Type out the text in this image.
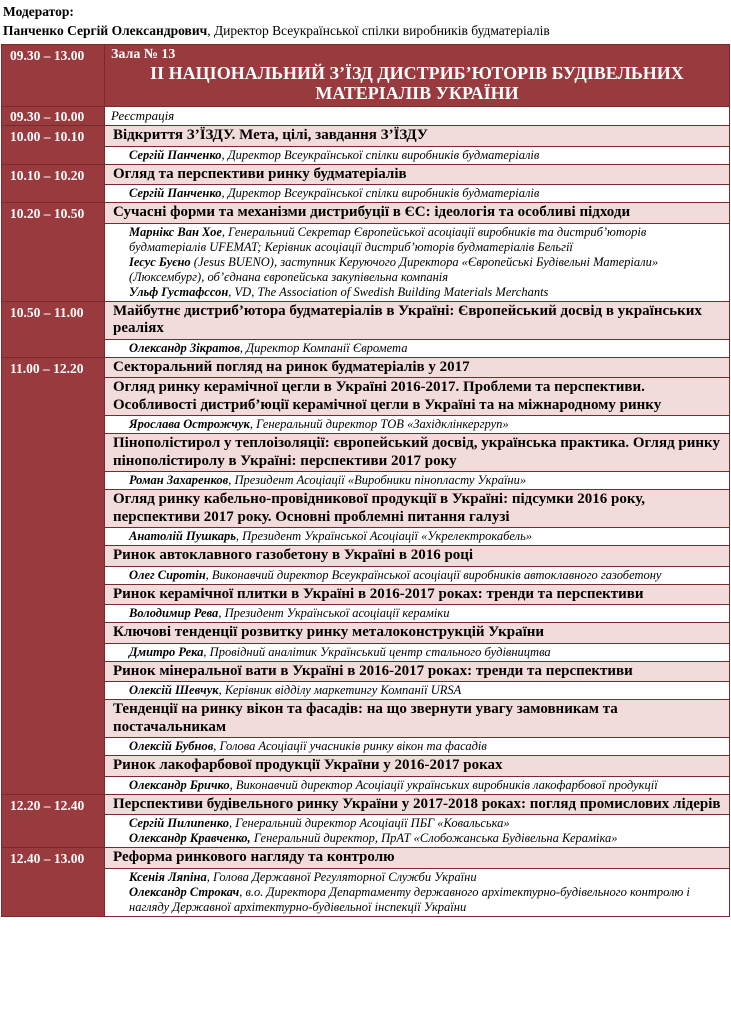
Модератор:
Панченко Сергій Олександрович, Директор Всеукраїнської спілки виробників будматеріалів
09.30 – 13.00	Зала № 13
ІІ НАЦІОНАЛЬНИЙ З’ЇЗД ДИСТРИБ’ЮТОРІВ БУДІВЕЛЬНИХ МАТЕРІАЛІВ УКРАЇНИ

09.30 – 10.00	Реєстрація
10.00 – 10.10	Відкриття З’ЇЗДУ. Мета, цілі, завдання З’ЇЗДУ

	Сергій Панченко, Директор Всеукраїнської спілки виробників будматеріалів

10.10 – 10.20	Огляд та перспективи ринку будматеріалів

	Сергій Панченко, Директор Всеукраїнської спілки виробників будматеріалів

10.20 – 10.50	Сучасні форми та механізми дистрибуції в ЄС: ідеологія та особливі підходи

	Марнікс Ван Хое, Генеральний Секретар Європейської асоціації виробників та дистриб’юторів будматеріалів UFEMAT; Керівник асоціації дистриб’юторів будматеріалів Бельгії
Іесус Буєно (Jesus BUENO), заступник Керуючого Директора «Європейські Будівельні Матеріали» (Люксембург), об’єднана європейська закупівельна компанія
Ульф Густафссон, VD, The Association of Swedish Building Materials Merchants

10.50 – 11.00	Майбутнє дистриб’ютора будматеріалів в Україні: Європейський досвід в українських реаліях

	Олександр Зікратов, Директор Компанії Євромета

11.00 – 12.20	Секторальний погляд на ринок будматеріалів у 2017
	Огляд ринку керамічної цегли в Україні 2016-2017. Проблеми та перспективи. Особливості дистриб’юції керамічної цегли в Україні та на міжнародному ринку

	Ярослава Острожчук, Генеральний директор ТОВ «Західклінкергруп»

	Пінополістирол у теплоізоляції: європейський досвід, українська практика. Огляд ринку пінополістиролу в Україні: перспективи 2017 року

	Роман Захаренков, Президент Асоціації «Виробники пінопласту України»

	Огляд ринку кабельно-провідникової продукції в Україні: підсумки 2016 року, перспективи 2017 року. Основні проблемні питання галузі

	Анатолій Пушкарь, Президент Української Асоціації «Укрелектрокабель»

	Ринок автоклавного газобетону в Україні в 2016 році

	Олег Сиротін, Виконавчий директор Всеукраїнської асоціації виробників автоклавного газобетону

	Ринок керамічної плитки в Україні в 2016-2017 роках: тренди та перспективи

	Володимир Рева, Президент Української асоціації кераміки

	Ключові тенденції розвитку ринку металоконструкцій України

	Дмитро Река, Провідний аналітик Український центр стального будівництва

	Ринок мінеральної вати в Україні в 2016-2017 роках: тренди та перспективи

	Олексій Шевчук, Керівник відділу маркетингу Компанії URSA

	Тенденції на ринку вікон та фасадів: на що звернути увагу замовникам та постачальникам

	Олексій Бубнов, Голова Асоціації учасників ринку вікон та фасадів

	Ринок лакофарбової продукції України у 2016-2017 роках

	Олександр Бричко, Виконавчий директор Асоціації українських виробників лакофарбової продукції

12.20 – 12.40	Перспективи будівельного ринку України у 2017-2018 роках: погляд промислових лідерів

	Сергій Пилипенко, Генеральний директор Асоціації ПБГ «Ковальська»
Олександр Кравченко, Генеральний директор, ПрАТ «Слобожанська Будівельна Кераміка»

12.40 – 13.00	Реформа ринкового нагляду та контролю

	Ксенія Ляпіна, Голова Державної Регуляторної Служби України
Олександр Строкач, в.о. Директора Департаменту державного архітектурно-будівельного контролю і нагляду Державної архітектурно-будівельної інспекції України
